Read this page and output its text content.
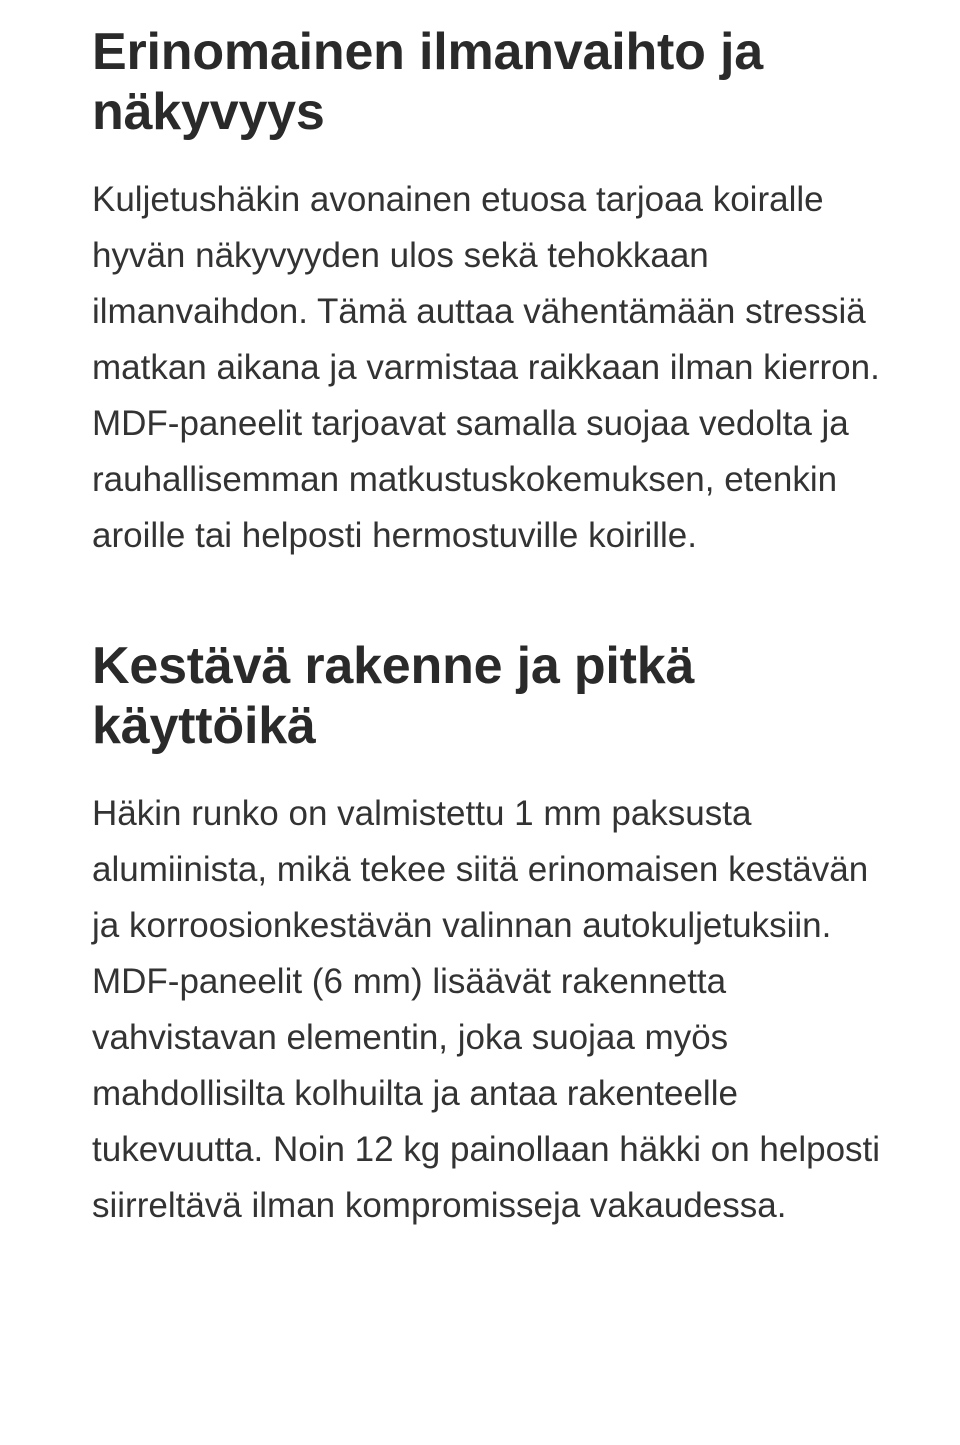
Erinomainen ilmanvaihto ja näkyvyys

Kuljetushäkin avonainen etuosa tarjoaa koiralle hyvän näkyvyyden ulos sekä tehokkaan ilmanvaihdon. Tämä auttaa vähentämään stressiä matkan aikana ja varmistaa raikkaan ilman kierron. MDF-paneelit tarjoavat samalla suojaa vedolta ja rauhallisemman matkustuskokemuksen, etenkin aroille tai helposti hermostuville koirille.

Kestävä rakenne ja pitkä käyttöikä

Häkin runko on valmistettu 1 mm paksusta alumiinista, mikä tekee siitä erinomaisen kestävän ja korroosionkestävän valinnan autokuljetuksiin. MDF-paneelit (6 mm) lisäävät rakennetta vahvistavan elementin, joka suojaa myös mahdollisilta kolhuilta ja antaa rakenteelle tukevuutta. Noin 12 kg painollaan häkki on helposti siirreltävä ilman kompromisseja vakaudessa.
